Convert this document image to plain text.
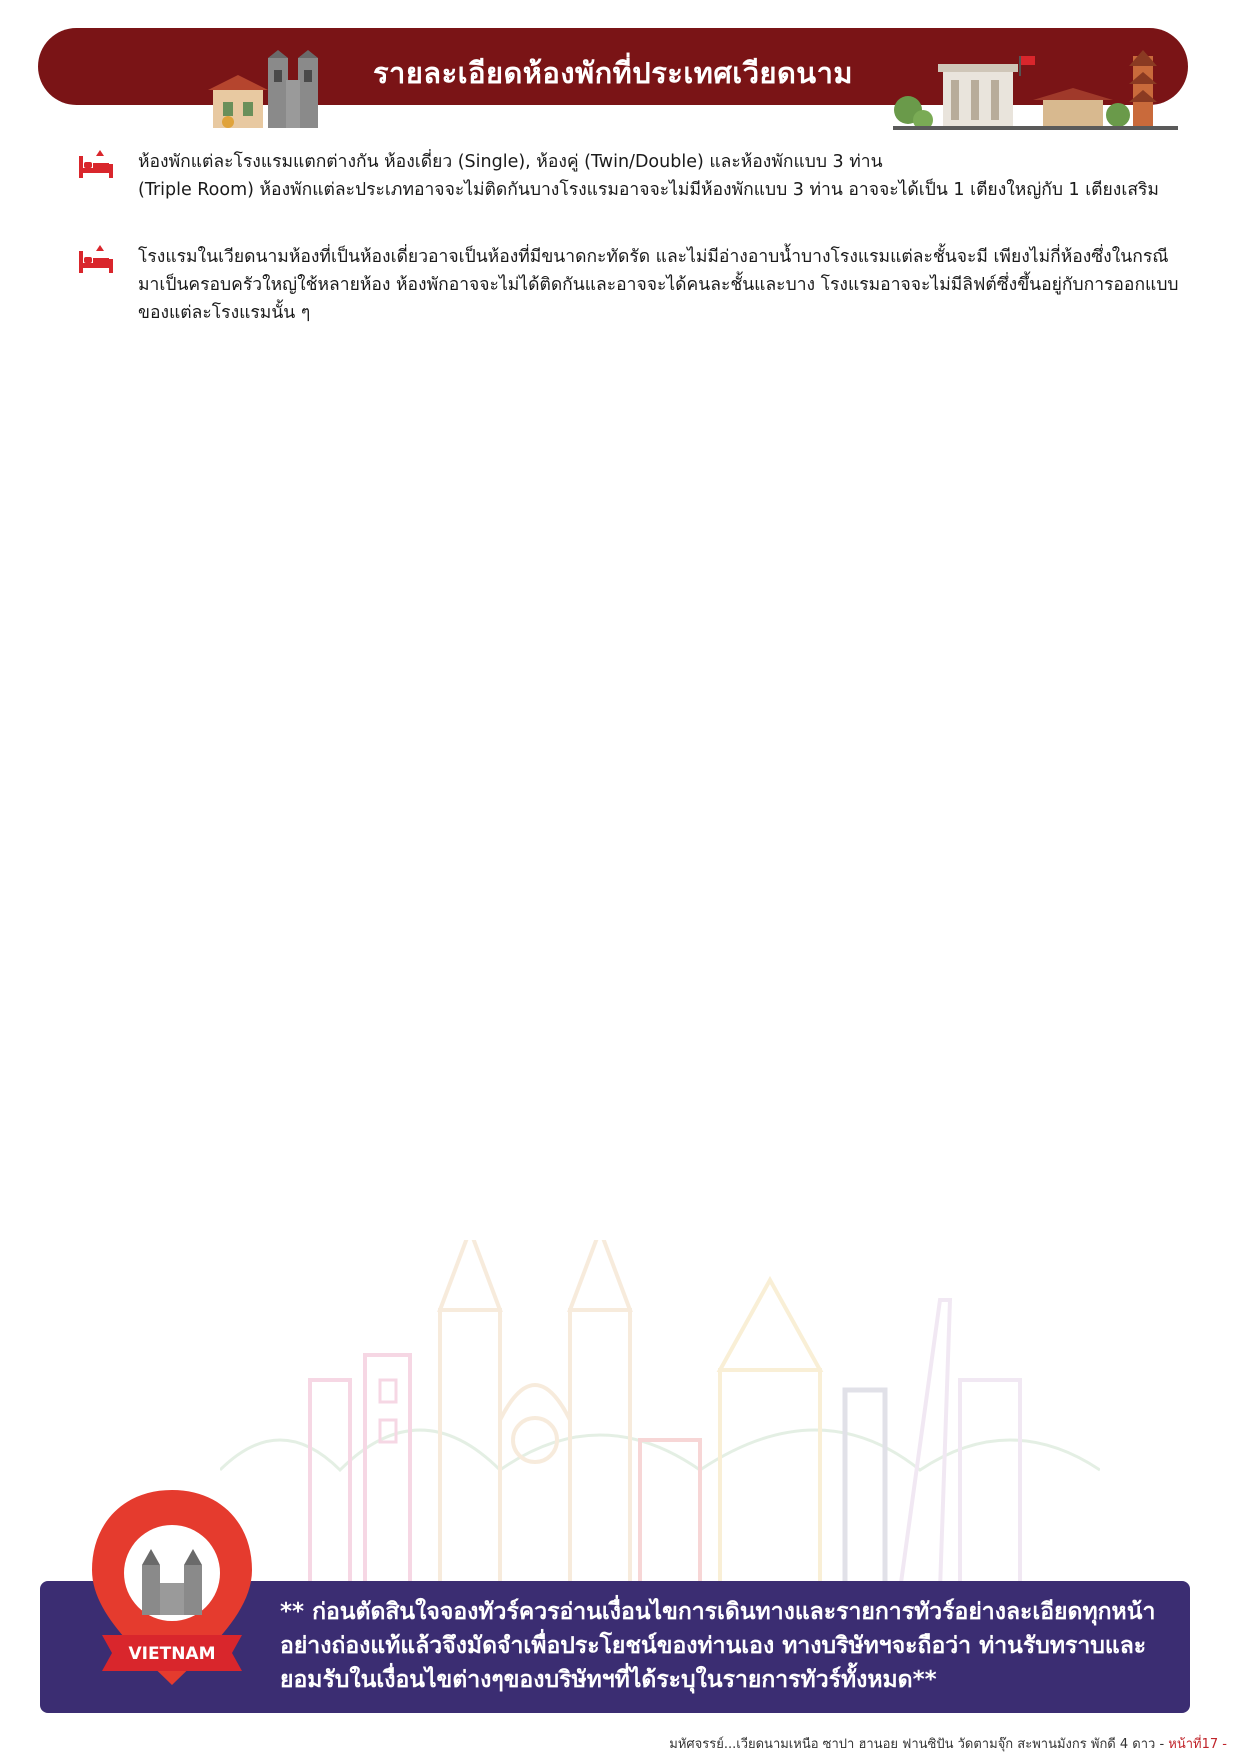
รายละเอียดห้องพักที่ประเทศเวียดนาม
ห้องพักแต่ละโรงแรมแตกต่างกัน ห้องเดี่ยว (Single), ห้องคู่ (Twin/Double) และห้องพักแบบ 3 ท่าน
(Triple Room) ห้องพักแต่ละประเภทอาจจะไม่ติดกันบางโรงแรมอาจจะไม่มีห้องพักแบบ 3 ท่าน อาจจะได้เป็น 1 เตียงใหญ่กับ 1 เตียงเสริม
โรงแรมในเวียดนามห้องที่เป็นห้องเดี่ยวอาจเป็นห้องที่มีขนาดกะทัดรัด และไม่มีอ่างอาบน้ำบางโรงแรมแต่ละชั้นจะมี เพียงไม่กี่ห้องซึ่งในกรณี
มาเป็นครอบครัวใหญ่ใช้หลายห้อง ห้องพักอาจจะไม่ได้ติดกันและอาจจะได้คนละชั้นและบาง โรงแรมอาจจะไม่มีลิฟต์ซึ่งขึ้นอยู่กับการออกแบบ
ของแต่ละโรงแรมนั้น ๆ
** ก่อนตัดสินใจจองทัวร์ควรอ่านเงื่อนไขการเดินทางและรายการทัวร์อย่างละเอียดทุกหน้า
อย่างถ่องแท้แล้วจึงมัดจำเพื่อประโยชน์ของท่านเอง ทางบริษัทฯจะถือว่า ท่านรับทราบและ
ยอมรับในเงื่อนไขต่างๆของบริษัทฯที่ได้ระบุในรายการทัวร์ทั้งหมด**
VIETNAM
มหัศจรรย์...เวียดนามเหนือ ซาปา ฮานอย ฟานซิปัน วัดตามจุ๊ก สะพานมังกร พักดี 4 ดาว - หน้าที่17 -
